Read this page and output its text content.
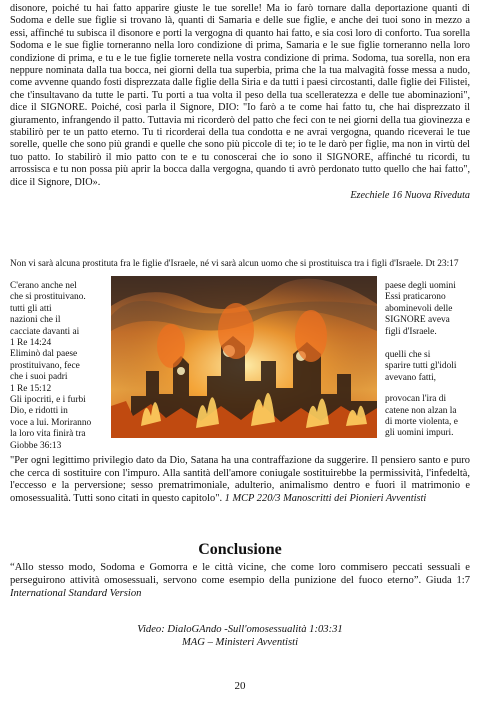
disonore, poiché tu hai fatto apparire giuste le tue sorelle! Ma io farò tornare dalla deportazione quanti di Sodoma e delle sue figlie si trovano là, quanti di Samaria e delle sue figlie, e anche dei tuoi sono in mezzo a essi, affinché tu subisca il disonore e porti la vergogna di quanto hai fatto, e sia così loro di conforto. Tua sorella Sodoma e le sue figlie torneranno nella loro condizione di prima, Samaria e le sue figlie torneranno nella loro condizione di prima, e tu e le tue figlie tornerete nella vostra condizione di prima. Sodoma, tua sorella, non era neppure nominata dalla tua bocca, nei giorni della tua superbia, prima che la tua malvagità fosse messa a nudo, come avvenne quando fosti disprezzata dalle figlie della Siria e da tutti i paesi circostanti, dalle figlie dei Filistei, che t'insultavano da tutte le parti. Tu porti a tua volta il peso della tua scelleratezza e delle tue abominazioni", dice il SIGNORE. Poiché, così parla il Signore, DIO: "Io farò a te come hai fatto tu, che hai disprezzato il giuramento, infrangendo il patto. Tuttavia mi ricorderò del patto che feci con te nei giorni della tua giovinezza e stabilirò per te un patto eterno. Tu ti ricorderai della tua condotta e ne avrai vergogna, quando riceverai le tue sorelle, quelle che sono più grandi e quelle che sono più piccole di te; io te le darò per figlie, ma non in virtù del tuo patto. Io stabilirò il mio patto con te e tu conoscerai che io sono il SIGNORE, affinché tu ricordi, tu arrossisca e tu non possa più aprir la bocca dalla vergogna, quando ti avrò perdonato tutto quello che hai fatto", dice il Signore, DIO».
Ezechiele 16 Nuova Riveduta
Non vi sarà alcuna prostituta fra le figlie d'Israele, né vi sarà alcun uomo che si prostituisca tra i figli d'Israele. Dt 23:17

C'erano anche nel

che si prostituivano.

tutti gli atti

nazioni che il

cacciate davanti ai

1 Re 14:24

Eliminò dal paese

prostituivano, fece

che i suoi padri

1 Re 15:12

Gli ipocriti, e i furbi

Dio, e ridotti in

voce a lui. Moriranno

la loro vita finirà tra

Giobbe 36:13

paese degli uomini

Essi praticarono

abominevoli delle

SIGNORE aveva

figli d'Israele.

quelli che si

sparire tutti gl'idoli

avevano fatti,

provocan l'ira di

catene non alzan la

di morte violenta, e

gli uomini impuri.

"Per ogni legittimo privilegio dato da Dio, Satana ha una contraffazione da suggerire. Il pensiero santo e puro che cerca di sostituire con l'impuro. Alla santità dell'amore coniugale sostituirebbe la permissività, l'infedeltà, l'eccesso e la perversione; sesso prematrimoniale, adulterio, animalismo dentro e fuori il matrimonio e omosessualità. Tutti sono citati in questo capitolo". 1 MCP 220/3 Manoscritti dei Pionieri Avventisti
Conclusione
“Allo stesso modo, Sodoma e Gomorra e le città vicine, che come loro commisero peccati sessuali e perseguirono attività omosessuali, servono come esempio della punizione del fuoco eterno”. Giuda 1:7 International Standard Version
Video: DialoGAndo -Sull'omosessualità 1:03:31
MAG – Ministeri Avventisti
20
